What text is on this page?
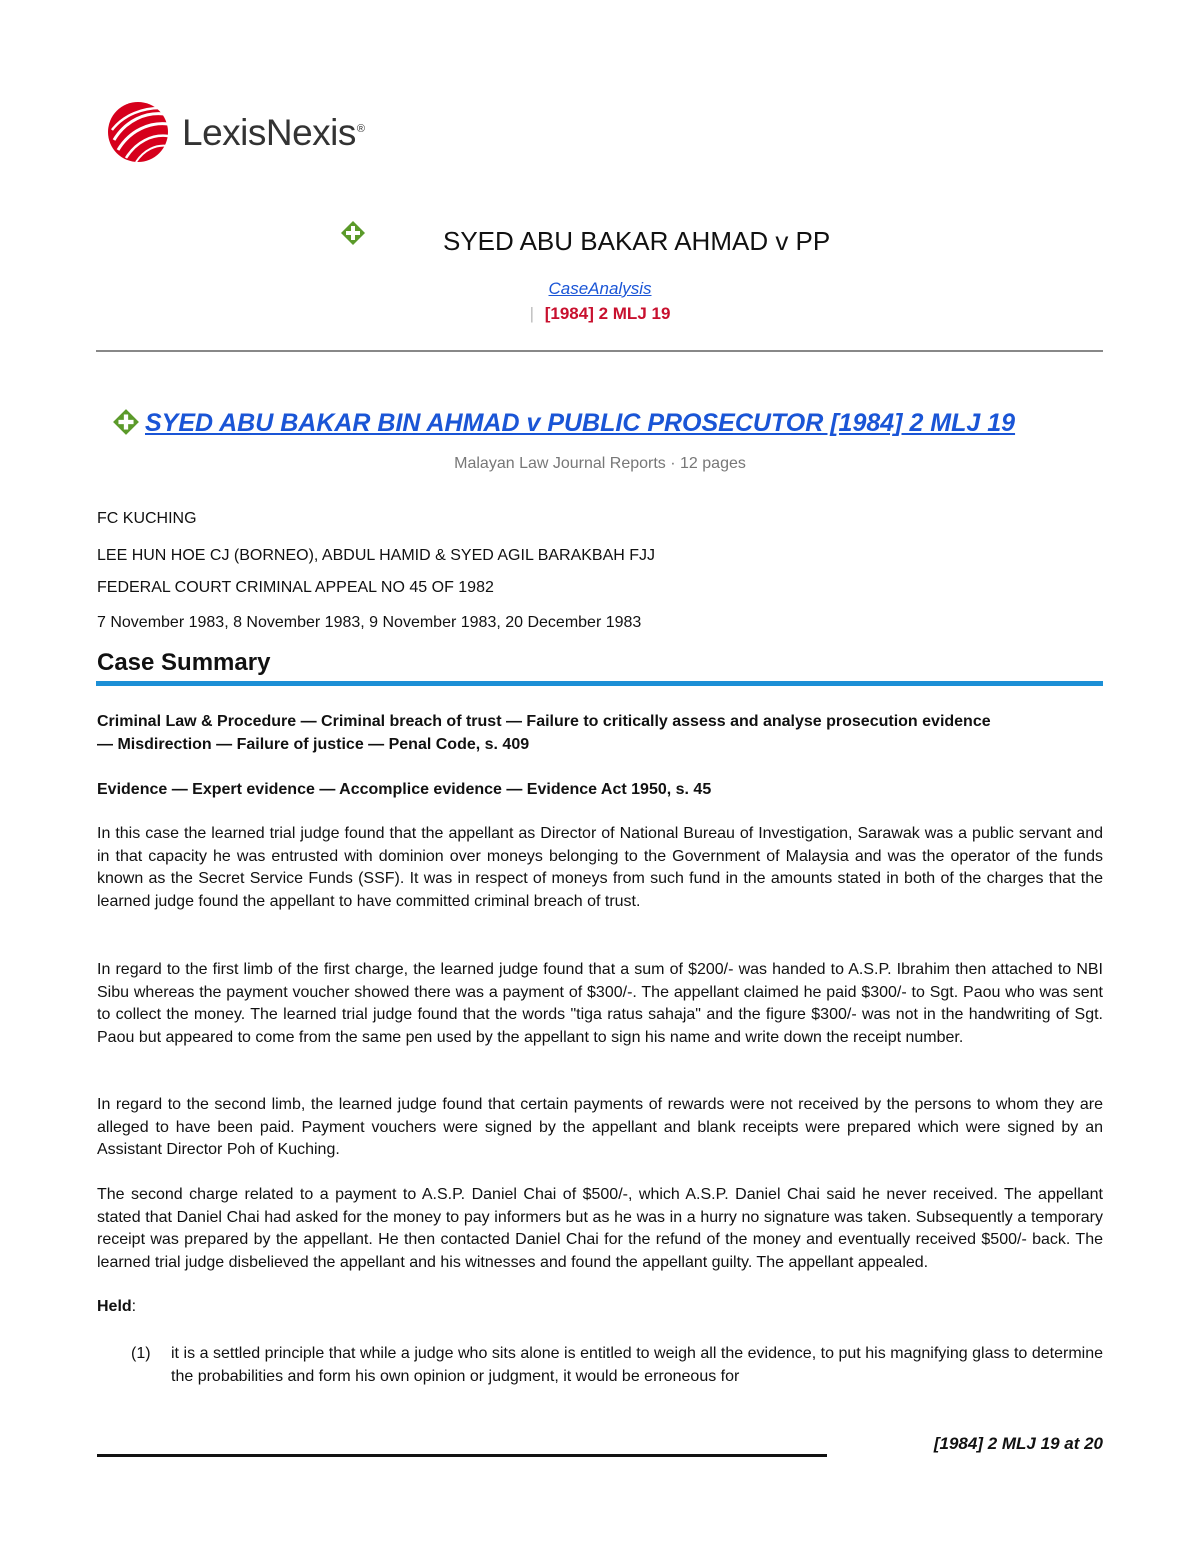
LexisNexis®
SYED ABU BAKAR AHMAD v PP
CaseAnalysis
| [1984] 2 MLJ 19
SYED ABU BAKAR BIN AHMAD v PUBLIC PROSECUTOR [1984] 2 MLJ 19
Malayan Law Journal Reports · 12 pages
FC KUCHING
LEE HUN HOE CJ (BORNEO), ABDUL HAMID & SYED AGIL BARAKBAH FJJ
FEDERAL COURT CRIMINAL APPEAL NO 45 OF 1982
7 November 1983, 8 November 1983, 9 November 1983, 20 December 1983
Case Summary
Criminal Law & Procedure — Criminal breach of trust — Failure to critically assess and analyse prosecution evidence — Misdirection — Failure of justice — Penal Code, s. 409
Evidence — Expert evidence — Accomplice evidence — Evidence Act 1950, s. 45
In this case the learned trial judge found that the appellant as Director of National Bureau of Investigation, Sarawak was a public servant and in that capacity he was entrusted with dominion over moneys belonging to the Government of Malaysia and was the operator of the funds known as the Secret Service Funds (SSF). It was in respect of moneys from such fund in the amounts stated in both of the charges that the learned judge found the appellant to have committed criminal breach of trust.
In regard to the first limb of the first charge, the learned judge found that a sum of $200/- was handed to A.S.P. Ibrahim then attached to NBI Sibu whereas the payment voucher showed there was a payment of $300/-. The appellant claimed he paid $300/- to Sgt. Paou who was sent to collect the money. The learned trial judge found that the words "tiga ratus sahaja" and the figure $300/- was not in the handwriting of Sgt. Paou but appeared to come from the same pen used by the appellant to sign his name and write down the receipt number.
In regard to the second limb, the learned judge found that certain payments of rewards were not received by the persons to whom they are alleged to have been paid. Payment vouchers were signed by the appellant and blank receipts were prepared which were signed by an Assistant Director Poh of Kuching.
The second charge related to a payment to A.S.P. Daniel Chai of $500/-, which A.S.P. Daniel Chai said he never received. The appellant stated that Daniel Chai had asked for the money to pay informers but as he was in a hurry no signature was taken. Subsequently a temporary receipt was prepared by the appellant. He then contacted Daniel Chai for the refund of the money and eventually received $500/- back. The learned trial judge disbelieved the appellant and his witnesses and found the appellant guilty. The appellant appealed.
Held:
(1) it is a settled principle that while a judge who sits alone is entitled to weigh all the evidence, to put his magnifying glass to determine the probabilities and form his own opinion or judgment, it would be erroneous for
[1984] 2 MLJ 19 at 20
